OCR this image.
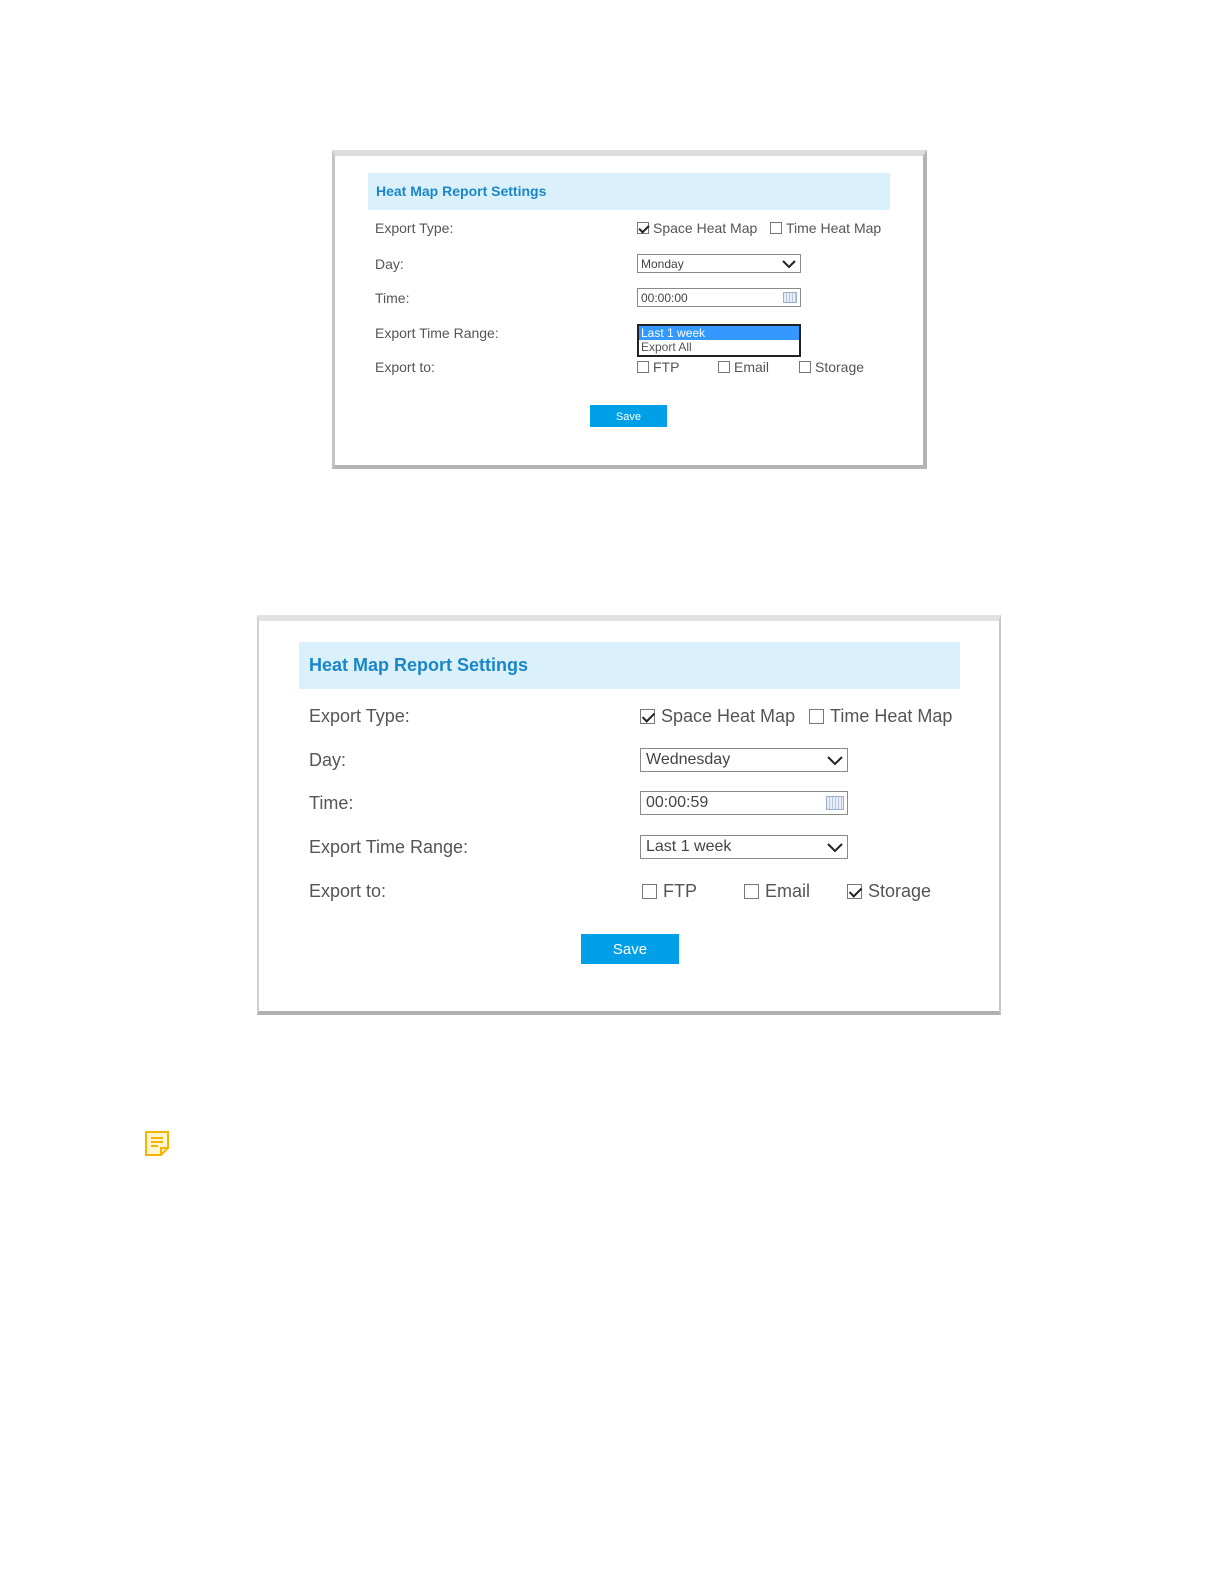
Heat Map Report Settings
Export Type:	Space Heat Map Time Heat Map
Day:	Monday
Time:	00:00:00
Export Time Range:	Last 1 week
Export All
Export to:	FTP	Email	Storage
Save
Heat Map Report Settings
Export Type:	Space Heat Map Time Heat Map
Day:	Wednesday
Time:	00:00:59
Export Time Range:	Last 1 week
Export to:	FTP	Email	Storage
Save
